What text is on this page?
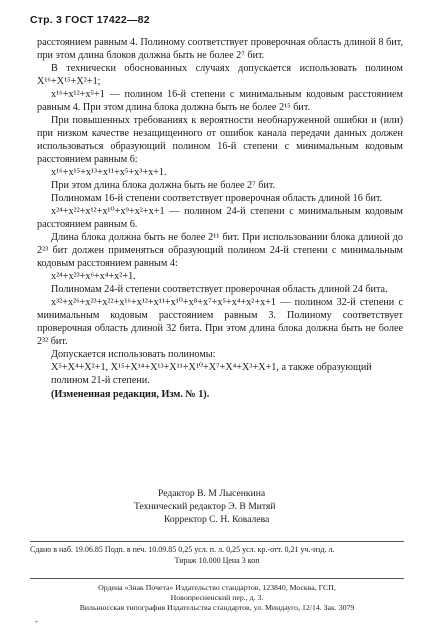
Стр. 3 ГОСТ 17422—82

расстоянием равным 4. Полиному соответствует проверочная область длиной 8 бит, при этом длина блоков должна быть не более 2⁷ бит.

В технически обоснованных случаях допускается использовать полином X¹⁶+X¹⁵+X²+1;

x¹⁶+x¹²+x⁵+1 — полином 16-й степени с минимальным кодовым расстоянием равным 4. При этом длина блока должна быть не более 2¹⁵ бит.

При повышенных требованиях к вероятности необнаруженной ошибки и (или) при низком качестве незащищенного от ошибок канала передачи данных должен использоваться образующий полином 16-й степени с минимальным кодовым расстоянием равным 6:

x¹⁶+x¹⁵+x¹³+x¹¹+x⁵+x³+x+1.

При этом длина блока должна быть не более 2⁷ бит.

Полиномам 16-й степени соответствует проверочная область длиной 16 бит.

x²⁴+x²²+x¹²+x¹⁰+x⁹+x²+x+1 — полином 24-й степени с минимальным кодовым расстоянием равным 6.

Длина блока должна быть не более 2¹¹ бит. При использовании блока длиной до 2²³ бит должен применяться образующий полином 24-й степени с минимальным кодовым расстоянием равным 4:

x²⁴+x²³+x⁶+x⁴+x²+1.

Полиномам 24-й степени соответствует проверочная область длиной 24 бита.

x³²+x²⁶+x²³+x²²+x¹⁶+x¹²+x¹¹+x¹⁰+x⁸+x⁷+x⁵+x⁴+x²+x+1 — полином 32-й степени с минимальным кодовым расстоянием равным 3. Полиному соответствует проверочная область длиной 32 бита. При этом длина блока должна быть не более 2³² бит.

Допускается использовать полиномы:

X⁵+X⁴+X²+1, X¹⁵+X¹⁴+X¹³+X¹¹+X¹⁰+X⁷+X⁴+X³+X+1, а также образующий полином 21-й степени.

(Измененная редакция, Изм. № 1).

Редактор В. М Лысенкина
Технический редактор Э. В Митяй
Корректор С. Н. Ковалева
Сдано в наб. 19.06.85 Подп. в печ. 10.09.85 0,25 усл. п. л. 0,25 усл. кр.-отт. 0,21 уч.-изд. л.
Тираж 10.000 Цена 3 коп
Ордена «Знак Почета» Издательство стандартов, 123840, Москва, ГСП,
Новопресненский пер., д. 3.
Вильнюсская типография Издательства стандартов, ул. Миндауго, 12/14. Зак. 3079
-
